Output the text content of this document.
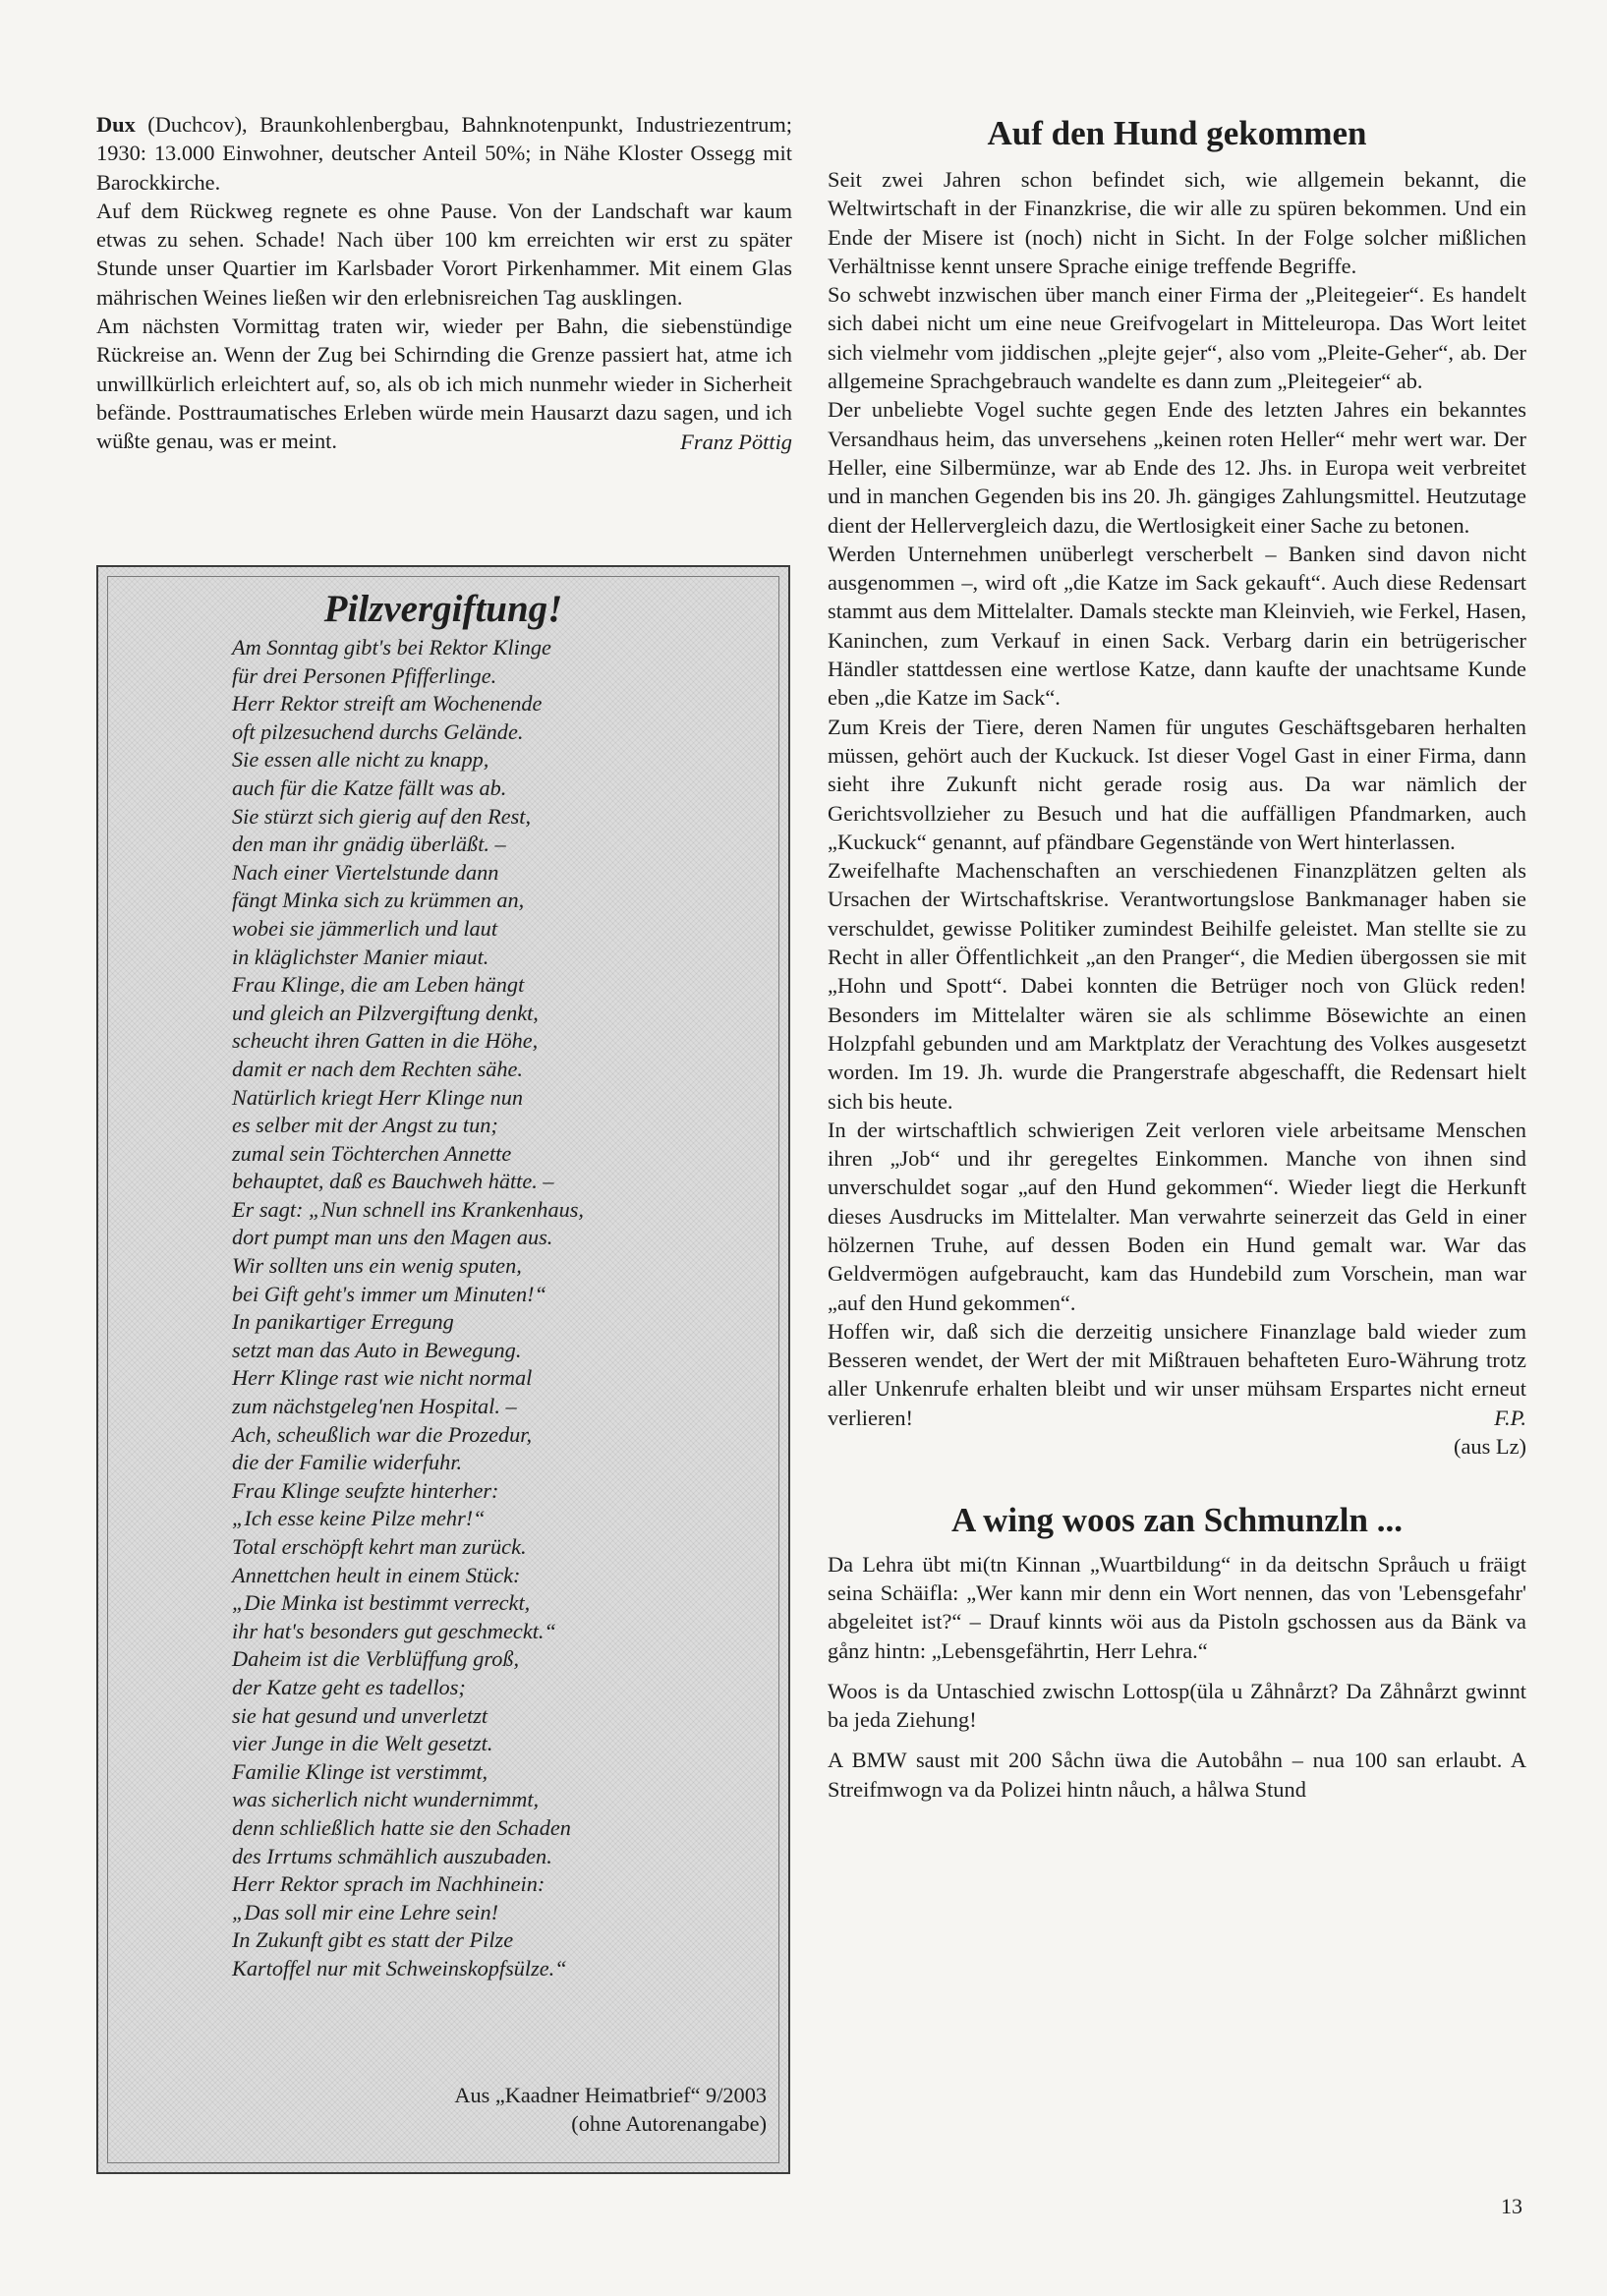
Dux (Duchcov), Braunkohlenbergbau, Bahnknotenpunkt, Industriezentrum; 1930: 13.000 Einwohner, deutscher Anteil 50%; in Nähe Kloster Ossegg mit Barockkirche.

Auf dem Rückweg regnete es ohne Pause. Von der Landschaft war kaum etwas zu sehen. Schade! Nach über 100 km erreichten wir erst zu später Stunde unser Quartier im Karlsbader Vorort Pirkenhammer. Mit einem Glas mährischen Weines ließen wir den erlebnisreichen Tag ausklingen.

Am nächsten Vormittag traten wir, wieder per Bahn, die siebenstündige Rückreise an. Wenn der Zug bei Schirnding die Grenze passiert hat, atme ich unwillkürlich erleichtert auf, so, als ob ich mich nunmehr wieder in Sicherheit befände. Posttraumatisches Erleben würde mein Hausarzt dazu sagen, und ich wüßte genau, was er meint.	Franz Pöttig

Pilzvergiftung!
Am Sonntag gibt's bei Rektor Klinge
für drei Personen Pfifferlinge.
Herr Rektor streift am Wochenende
oft pilzesuchend durchs Gelände.
Sie essen alle nicht zu knapp,
auch für die Katze fällt was ab.
Sie stürzt sich gierig auf den Rest,
den man ihr gnädig überläßt. –
Nach einer Viertelstunde dann
fängt Minka sich zu krümmen an,
wobei sie jämmerlich und laut
in kläglichster Manier miaut.
Frau Klinge, die am Leben hängt
und gleich an Pilzvergiftung denkt,
scheucht ihren Gatten in die Höhe,
damit er nach dem Rechten sähe.
Natürlich kriegt Herr Klinge nun
es selber mit der Angst zu tun;
zumal sein Töchterchen Annette
behauptet, daß es Bauchweh hätte. –
Er sagt: „Nun schnell ins Krankenhaus,
dort pumpt man uns den Magen aus.
Wir sollten uns ein wenig sputen,
bei Gift geht's immer um Minuten!“
In panikartiger Erregung
setzt man das Auto in Bewegung.
Herr Klinge rast wie nicht normal
zum nächstgeleg'nen Hospital. –
Ach, scheußlich war die Prozedur,
die der Familie widerfuhr.
Frau Klinge seufzte hinterher:
„Ich esse keine Pilze mehr!“
Total erschöpft kehrt man zurück.
Annettchen heult in einem Stück:
„Die Minka ist bestimmt verreckt,
ihr hat's besonders gut geschmeckt.“
Daheim ist die Verblüffung groß,
der Katze geht es tadellos;
sie hat gesund und unverletzt
vier Junge in die Welt gesetzt.
Familie Klinge ist verstimmt,
was sicherlich nicht wundernimmt,
denn schließlich hatte sie den Schaden
des Irrtums schmählich auszubaden.
Herr Rektor sprach im Nachhinein:
„Das soll mir eine Lehre sein!
In Zukunft gibt es statt der Pilze
Kartoffel nur mit Schweinskopfsülze.“
Aus „Kaadner Heimatbrief“ 9/2003
(ohne Autorenangabe)
Auf den Hund gekommen

Seit zwei Jahren schon befindet sich, wie allgemein bekannt, die Weltwirtschaft in der Finanzkrise, die wir alle zu spüren bekommen. Und ein Ende der Misere ist (noch) nicht in Sicht. In der Folge solcher mißlichen Verhältnisse kennt unsere Sprache einige treffende Begriffe.

So schwebt inzwischen über manch einer Firma der „Pleitegeier“. Es handelt sich dabei nicht um eine neue Greifvogelart in Mitteleuropa. Das Wort leitet sich vielmehr vom jiddischen „plejte gejer“, also vom „Pleite-Geher“, ab. Der allgemeine Sprachgebrauch wandelte es dann zum „Pleitegeier“ ab.

Der unbeliebte Vogel suchte gegen Ende des letzten Jahres ein bekanntes Versandhaus heim, das unversehens „keinen roten Heller“ mehr wert war. Der Heller, eine Silbermünze, war ab Ende des 12. Jhs. in Europa weit verbreitet und in manchen Gegenden bis ins 20. Jh. gängiges Zahlungsmittel. Heutzutage dient der Hellervergleich dazu, die Wertlosigkeit einer Sache zu betonen.

Werden Unternehmen unüberlegt verscherbelt – Banken sind davon nicht ausgenommen –, wird oft „die Katze im Sack gekauft“. Auch diese Redensart stammt aus dem Mittelalter. Damals steckte man Kleinvieh, wie Ferkel, Hasen, Kaninchen, zum Verkauf in einen Sack. Verbarg darin ein betrügerischer Händler stattdessen eine wertlose Katze, dann kaufte der unachtsame Kunde eben „die Katze im Sack“.

Zum Kreis der Tiere, deren Namen für ungutes Geschäftsgebaren herhalten müssen, gehört auch der Kuckuck. Ist dieser Vogel Gast in einer Firma, dann sieht ihre Zukunft nicht gerade rosig aus. Da war nämlich der Gerichtsvollzieher zu Besuch und hat die auffälligen Pfandmarken, auch „Kuckuck“ genannt, auf pfändbare Gegenstände von Wert hinterlassen.

Zweifelhafte Machenschaften an verschiedenen Finanzplätzen gelten als Ursachen der Wirtschaftskrise. Verantwortungslose Bankmanager haben sie verschuldet, gewisse Politiker zumindest Beihilfe geleistet. Man stellte sie zu Recht in aller Öffentlichkeit „an den Pranger“, die Medien übergossen sie mit „Hohn und Spott“. Dabei konnten die Betrüger noch von Glück reden! Besonders im Mittelalter wären sie als schlimme Bösewichte an einen Holzpfahl gebunden und am Marktplatz der Verachtung des Volkes ausgesetzt worden. Im 19. Jh. wurde die Prangerstrafe abgeschafft, die Redensart hielt sich bis heute.

In der wirtschaftlich schwierigen Zeit verloren viele arbeitsame Menschen ihren „Job“ und ihr geregeltes Einkommen. Manche von ihnen sind unverschuldet sogar „auf den Hund gekommen“. Wieder liegt die Herkunft dieses Ausdrucks im Mittelalter. Man verwahrte seinerzeit das Geld in einer hölzernen Truhe, auf dessen Boden ein Hund gemalt war. War das Geldvermögen aufgebraucht, kam das Hundebild zum Vorschein, man war „auf den Hund gekommen“.

Hoffen wir, daß sich die derzeitig unsichere Finanzlage bald wieder zum Besseren wendet, der Wert der mit Mißtrauen behafteten Euro-Währung trotz aller Unkenrufe erhalten bleibt und wir unser mühsam Erspartes nicht erneut verlieren!	F.P.

(aus Lz)

A wing woos zan Schmunzln ...

Da Lehra übt mi(tn Kinnan „Wuartbildung“ in da deitschn Språuch u fräigt seina Schäifla: „Wer kann mir denn ein Wort nennen, das von 'Lebensgefahr' abgeleitet ist?“ – Drauf kinnts wöi aus da Pistoln gschossen aus da Bänk va gånz hintn: „Lebensgefährtin, Herr Lehra.“

Woos is da Untaschied zwischn Lottosp(üla u Zåhnårzt? Da Zåhnårzt gwinnt ba jeda Ziehung!

A BMW saust mit 200 Såchn üwa die Autobåhn – nua 100 san erlaubt. A Streifmwogn va da Polizei hintn nåuch, a hålwa Stund

13
